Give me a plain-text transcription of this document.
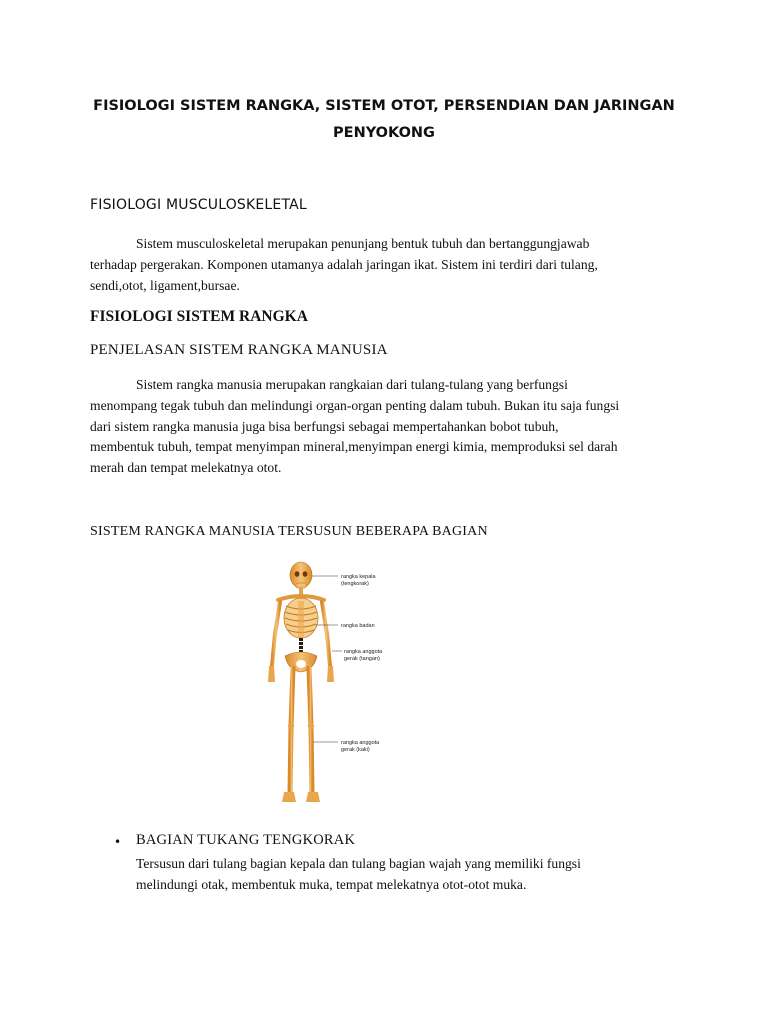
FISIOLOGI SISTEM RANGKA, SISTEM OTOT, PERSENDIAN DAN JARINGAN
PENYOKONG
FISIOLOGI MUSCULOSKELETAL

Sistem musculoskeletal merupakan penunjang bentuk tubuh dan bertanggungjawab

terhadap pergerakan. Komponen utamanya adalah jaringan ikat. Sistem ini terdiri dari tulang,

sendi,otot, ligament,bursae.

FISIOLOGI SISTEM RANGKA
PENJELASAN SISTEM RANGKA MANUSIA

Sistem rangka manusia merupakan rangkaian dari tulang-tulang yang berfungsi

menompang tegak tubuh dan melindungi organ-organ penting dalam tubuh. Bukan itu saja fungsi

dari sistem rangka manusia juga bisa berfungsi sebagai mempertahankan bobot tubuh,

membentuk tubuh, tempat menyimpan mineral,menyimpan energi kimia, memproduksi sel darah

merah dan tempat melekatnya otot.

SISTEM RANGKA MANUSIA TERSUSUN BEBERAPA BAGIAN
rangka kepala
(tengkorak)
rangka badan
rangka anggota
gerak (tangan)
rangka anggota
gerak (kaki)
• BAGIAN TUKANG TENGKORAK
Tersusun dari tulang bagian kepala dan tulang bagian wajah yang memiliki fungsi
melindungi otak, membentuk muka, tempat melekatnya otot-otot muka.
